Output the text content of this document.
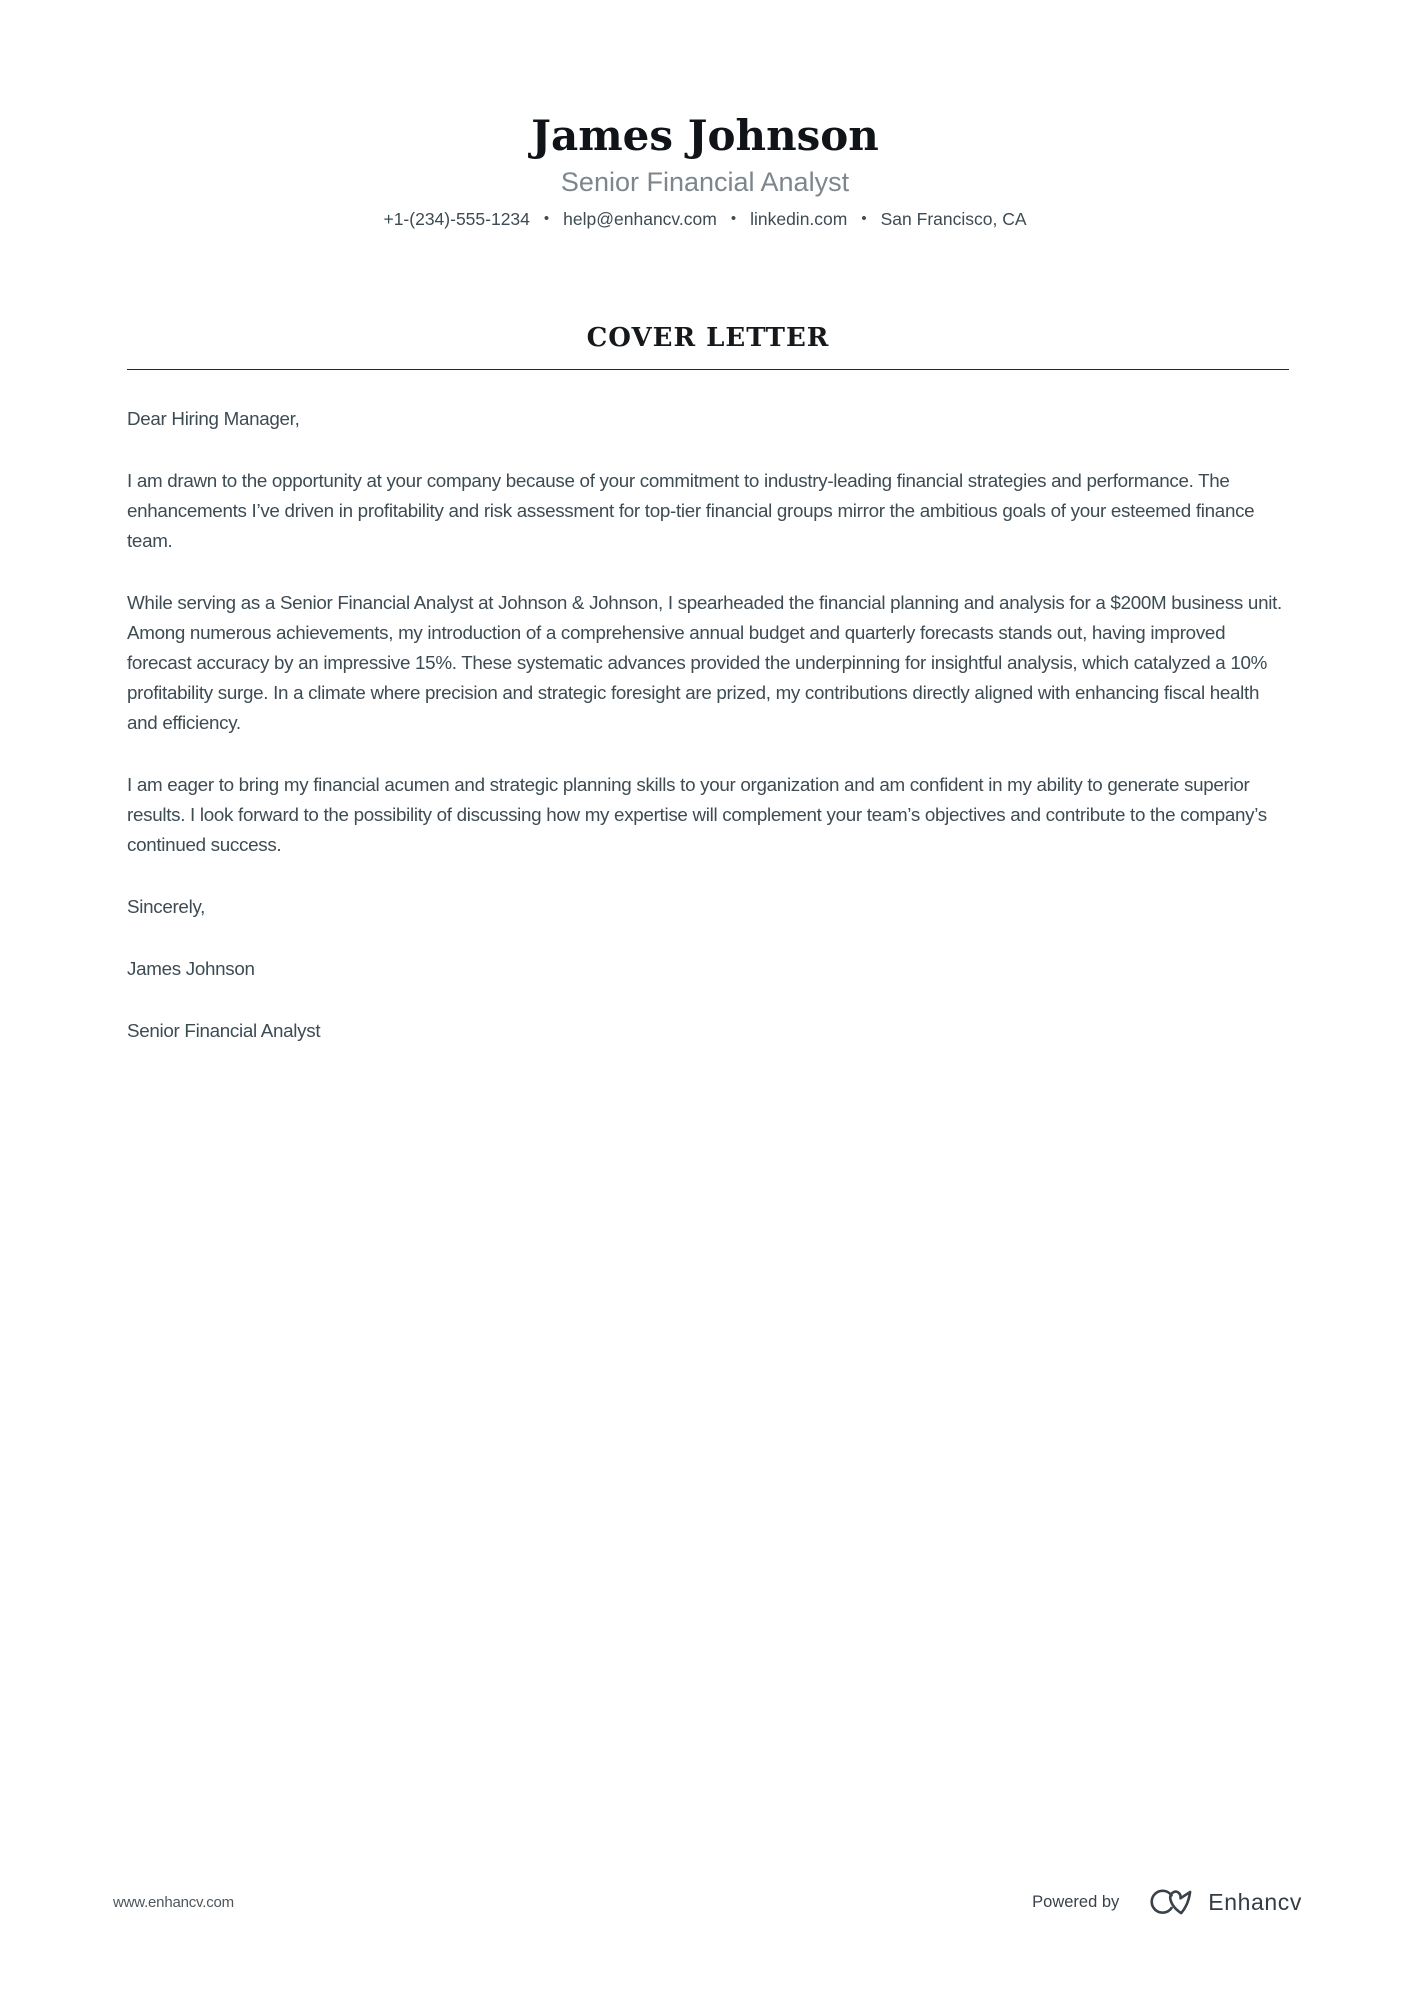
James Johnson
Senior Financial Analyst
+1-(234)-555-1234 • help@enhancv.com • linkedin.com • San Francisco, CA
COVER LETTER

Dear Hiring Manager,

I am drawn to the opportunity at your company because of your commitment to industry-leading financial strategies and performance. The enhancements I’ve driven in profitability and risk assessment for top-tier financial groups mirror the ambitious goals of your esteemed finance team.

While serving as a Senior Financial Analyst at Johnson & Johnson, I spearheaded the financial planning and analysis for a $200M business unit. Among numerous achievements, my introduction of a comprehensive annual budget and quarterly forecasts stands out, having improved forecast accuracy by an impressive 15%. These systematic advances provided the underpinning for insightful analysis, which catalyzed a 10% profitability surge. In a climate where precision and strategic foresight are prized, my contributions directly aligned with enhancing fiscal health and efficiency.

I am eager to bring my financial acumen and strategic planning skills to your organization and am confident in my ability to generate superior results. I look forward to the possibility of discussing how my expertise will complement your team’s objectives and contribute to the company’s continued success.

Sincerely,

James Johnson

Senior Financial Analyst

www.enhancv.com	Powered by	Enhancv
